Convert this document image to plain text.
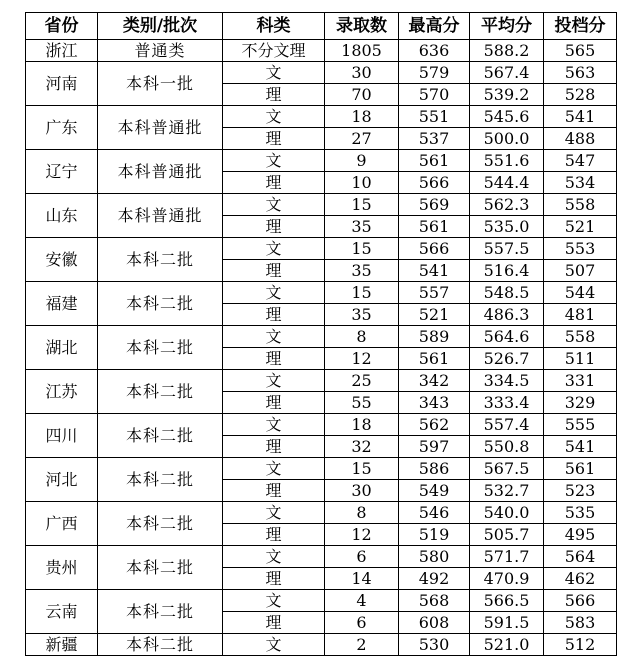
省份	类别/批次	科类	录取数	最高分	平均分	投档分
浙江	普通类	不分文理	1805	636	588.2	565
河南	本科一批	文	30	579	567.4	563
		理	70	570	539.2	528
广东	本科普通批	文	18	551	545.6	541
		理	27	537	500.0	488
辽宁	本科普通批	文	9	561	551.6	547
		理	10	566	544.4	534
山东	本科普通批	文	15	569	562.3	558
		理	35	561	535.0	521
安徽	本科二批	文	15	566	557.5	553
		理	35	541	516.4	507
福建	本科二批	文	15	557	548.5	544
		理	35	521	486.3	481
湖北	本科二批	文	8	589	564.6	558
		理	12	561	526.7	511
江苏	本科二批	文	25	342	334.5	331
		理	55	343	333.4	329
四川	本科二批	文	18	562	557.4	555
		理	32	597	550.8	541
河北	本科二批	文	15	586	567.5	561
		理	30	549	532.7	523
广西	本科二批	文	8	546	540.0	535
		理	12	519	505.7	495
贵州	本科二批	文	6	580	571.7	564
		理	14	492	470.9	462
云南	本科二批	文	4	568	566.5	566
		理	6	608	591.5	583
新疆	本科二批	文	2	530	521.0	512
